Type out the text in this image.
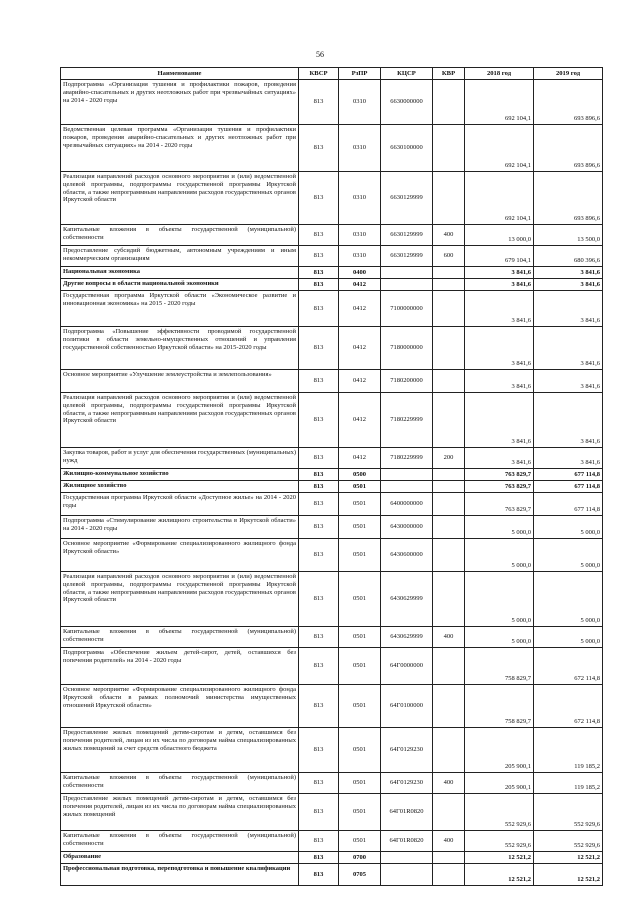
56
Наименование	КВСР	РзПР	КЦСР	КВР	2018 год	2019 год
Подпрограмма «Организация тушения и профилактики пожаров, проведения аварийно-спасательных и других неотложных работ при чрезвычайных ситуациях» на 2014 - 2020 годы	813	0310	6630000000		692 104,1	693 896,6
Ведомственная целевая программа «Организация тушения и профилактики пожаров, проведения аварийно-спасательных и других неотложных работ при чрезвычайных ситуациях» на 2014 - 2020 годы	813	0310	6630100000		692 104,1	693 896,6
Реализация направлений расходов основного мероприятия и (или) ведомственной целевой программы, подпрограммы государственной программы Иркутской области, а также непрограммным направлениям расходов государственных органов Иркутской области	813	0310	6630129999		692 104,1	693 896,6
Капитальные вложения в объекты государственной (муниципальной) собственности	813	0310	6630129999	400	13 000,0	13 500,0
Предоставление субсидий бюджетным, автономным учреждениям и иным некоммерческим организациям	813	0310	6630129999	600	679 104,1	680 396,6
Национальная экономика	813	0400			3 841,6	3 841,6
Другие вопросы в области национальной экономики	813	0412			3 841,6	3 841,6
Государственная программа Иркутской области «Экономическое развитие и инновационная экономика» на 2015 - 2020 годы	813	0412	7100000000		3 841,6	3 841,6
Подпрограмма «Повышение эффективности проводимой государственной политики в области земельно-имущественных отношений и управления государственной собственностью Иркутской области» на 2015-2020 годы	813	0412	7180000000		3 841,6	3 841,6
Основное мероприятие «Улучшение землеустройства и землепользования»	813	0412	7180200000		3 841,6	3 841,6
Реализация направлений расходов основного мероприятия и (или) ведомственной целевой программы, подпрограммы государственной программы Иркутской области, а также непрограммным направлениям расходов государственных органов Иркутской области	813	0412	7180229999		3 841,6	3 841,6
Закупка товаров, работ и услуг для обеспечения государственных (муниципальных) нужд	813	0412	7180229999	200	3 841,6	3 841,6
Жилищно-коммунальное хозяйство	813	0500			763 829,7	677 114,8
Жилищное хозяйство	813	0501			763 829,7	677 114,8
Государственная программа Иркутской области «Доступное жилье» на 2014 - 2020 годы	813	0501	6400000000		763 829,7	677 114,8
Подпрограмма «Стимулирование жилищного строительства в Иркутской области» на 2014 - 2020 годы	813	0501	6430000000		5 000,0	5 000,0
Основное мероприятие «Формирование специализированного жилищного фонда Иркутской области»	813	0501	6430600000		5 000,0	5 000,0
Реализация направлений расходов основного мероприятия и (или) ведомственной целевой программы, подпрограммы государственной программы Иркутской области, а также непрограммным направлениям расходов государственных органов Иркутской области	813	0501	6430629999		5 000,0	5 000,0
Капитальные вложения в объекты государственной (муниципальной) собственности	813	0501	6430629999	400	5 000,0	5 000,0
Подпрограмма «Обеспечение жильем детей-сирот, детей, оставшихся без попечения родителей» на 2014 - 2020 годы	813	0501	64Г0000000		758 829,7	672 114,8
Основное мероприятие «Формирование специализированного жилищного фонда Иркутской области в рамках полномочий министерства имущественных отношений Иркутской области»	813	0501	64Г0100000		758 829,7	672 114,8
Предоставление жилых помещений детям-сиротам и детям, оставшимся без попечения родителей, лицам из их числа по договорам найма специализированных жилых помещений за счет средств областного бюджета	813	0501	64Г0129230		205 900,1	119 185,2
Капитальные вложения в объекты государственной (муниципальной) собственности	813	0501	64Г0129230	400	205 900,1	119 185,2
Предоставление жилых помещений детям-сиротам и детям, оставшимся без попечения родителей, лицам из их числа по договорам найма специализированных жилых помещений	813	0501	64Г01R0820		552 929,6	552 929,6
Капитальные вложения в объекты государственной (муниципальной) собственности	813	0501	64Г01R0820	400	552 929,6	552 929,6
Образование	813	0700			12 521,2	12 521,2
Профессиональная подготовка, переподготовка и повышение квалификации	813	0705			12 521,2	12 521,2
